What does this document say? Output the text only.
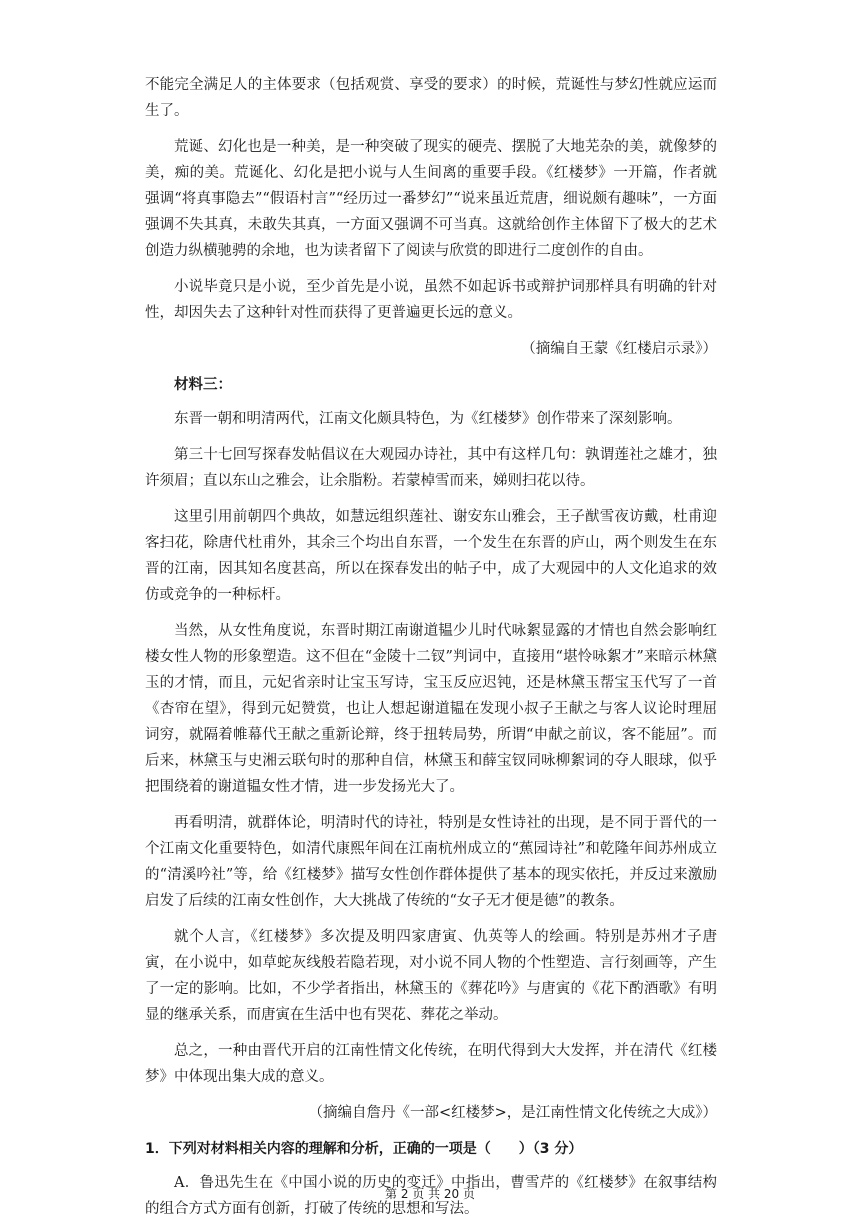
不能完全满足人的主体要求（包括观赏、享受的要求）的时候，荒诞性与梦幻性就应运而生了。

荒诞、幻化也是一种美，是一种突破了现实的硬壳、摆脱了大地芜杂的美，就像梦的美，痴的美。荒诞化、幻化是把小说与人生间离的重要手段。《红楼梦》一开篇，作者就强调“将真事隐去”“假语村言”“经历过一番梦幻”“说来虽近荒唐，细说颇有趣味”，一方面强调不失其真，未敢失其真，一方面又强调不可当真。这就给创作主体留下了极大的艺术创造力纵横驰骋的余地，也为读者留下了阅读与欣赏的即进行二度创作的自由。

小说毕竟只是小说，至少首先是小说，虽然不如起诉书或辩护词那样具有明确的针对性，却因失去了这种针对性而获得了更普遍更长远的意义。

（摘编自王蒙《红楼启示录》）

材料三：

东晋一朝和明清两代，江南文化颇具特色，为《红楼梦》创作带来了深刻影响。

第三十七回写探春发帖倡议在大观园办诗社，其中有这样几句：孰谓莲社之雄才，独许须眉；直以东山之雅会，让余脂粉。若蒙棹雪而来，娣则扫花以待。

这里引用前朝四个典故，如慧远组织莲社、谢安东山雅会，王子猷雪夜访戴，杜甫迎客扫花，除唐代杜甫外，其余三个均出自东晋，一个发生在东晋的庐山，两个则发生在东晋的江南，因其知名度甚高，所以在探春发出的帖子中，成了大观园中的人文化追求的效 仿或竞争的一种标杆。

当然，从女性角度说，东晋时期江南谢道韫少儿时代咏絮显露的才情也自然会影响红楼女性人物的形象塑造。这不但在“金陵十二钗”判词中，直接用“堪怜咏絮才”来暗示林黛玉的才情，而且，元妃省亲时让宝玉写诗，宝玉反应迟钝，还是林黛玉帮宝玉代写了一首《杏帘在望》，得到元妃赞赏，也让人想起谢道韫在发现小叔子王献之与客人议论时理屈词穷，就隔着帷幕代王献之重新论辩，终于扭转局势，所谓“申献之前议，客不能屈”。而后来，林黛玉与史湘云联句时的那种自信，林黛玉和薛宝钗同咏柳絮词的夺人眼球，似乎把围绕着的谢道韫女性才情，进一步发扬光大了。

再看明清，就群体论，明清时代的诗社，特别是女性诗社的出现，是不同于晋代的一 个江南文化重要特色，如清代康熙年间在江南杭州成立的“蕉园诗社”和乾隆年间苏州成立的“清溪吟社”等，给《红楼梦》描写女性创作群体提供了基本的现实依托，并反过来激励启发了后续的江南女性创作，大大挑战了传统的“女子无才便是德”的教条。

就个人言，《红楼梦》多次提及明四家唐寅、仇英等人的绘画。特别是苏州才子唐寅，在小说中，如草蛇灰线般若隐若现，对小说不同人物的个性塑造、言行刻画等，产生了一定的影响。比如，不少学者指出，林黛玉的《葬花吟》与唐寅的《花下酌酒歌》有明显的继承关系，而唐寅在生活中也有哭花、葬花之举动。

总之，一种由晋代开启的江南性情文化传统，在明代得到大大发挥，并在清代《红楼梦》中体现出集大成的意义。

（摘编自詹丹《一部<红楼梦>，是江南性情文化传统之大成》）

1．下列对材料相关内容的理解和分析，正确的一项是（　　）（3 分）

A．鲁迅先生在《中国小说的历史的变迁》中指出，曹雪芹的《红楼梦》在叙事结构的组合方式方面有创新，打破了传统的思想和写法。

第 2 页 共 20 页
